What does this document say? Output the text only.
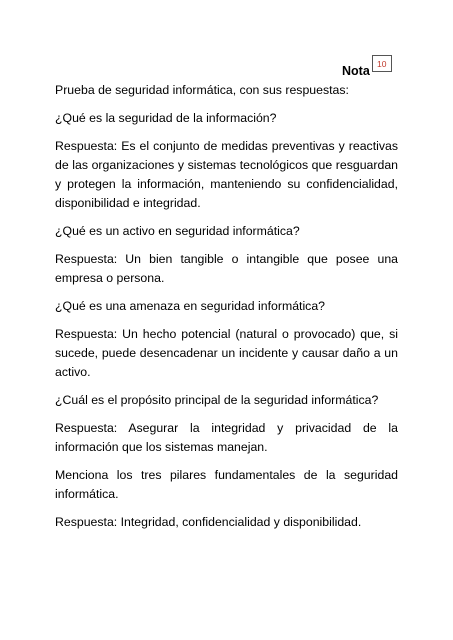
Nota
10

Prueba de seguridad informática, con sus respuestas:

¿Qué es la seguridad de la información?

Respuesta: Es el conjunto de medidas preventivas y reactivas de las organizaciones y sistemas tecnológicos que resguardan y protegen la información, manteniendo su confidencialidad, disponibilidad e integridad.

¿Qué es un activo en seguridad informática?

Respuesta: Un bien tangible o intangible que posee una empresa o persona.

¿Qué es una amenaza en seguridad informática?

Respuesta: Un hecho potencial (natural o provocado) que, si sucede, puede desencadenar un incidente y causar daño a un activo.

¿Cuál es el propósito principal de la seguridad informática?

Respuesta: Asegurar la integridad y privacidad de la información que los sistemas manejan.

Menciona los tres pilares fundamentales de la seguridad informática.

Respuesta: Integridad, confidencialidad y disponibilidad.
